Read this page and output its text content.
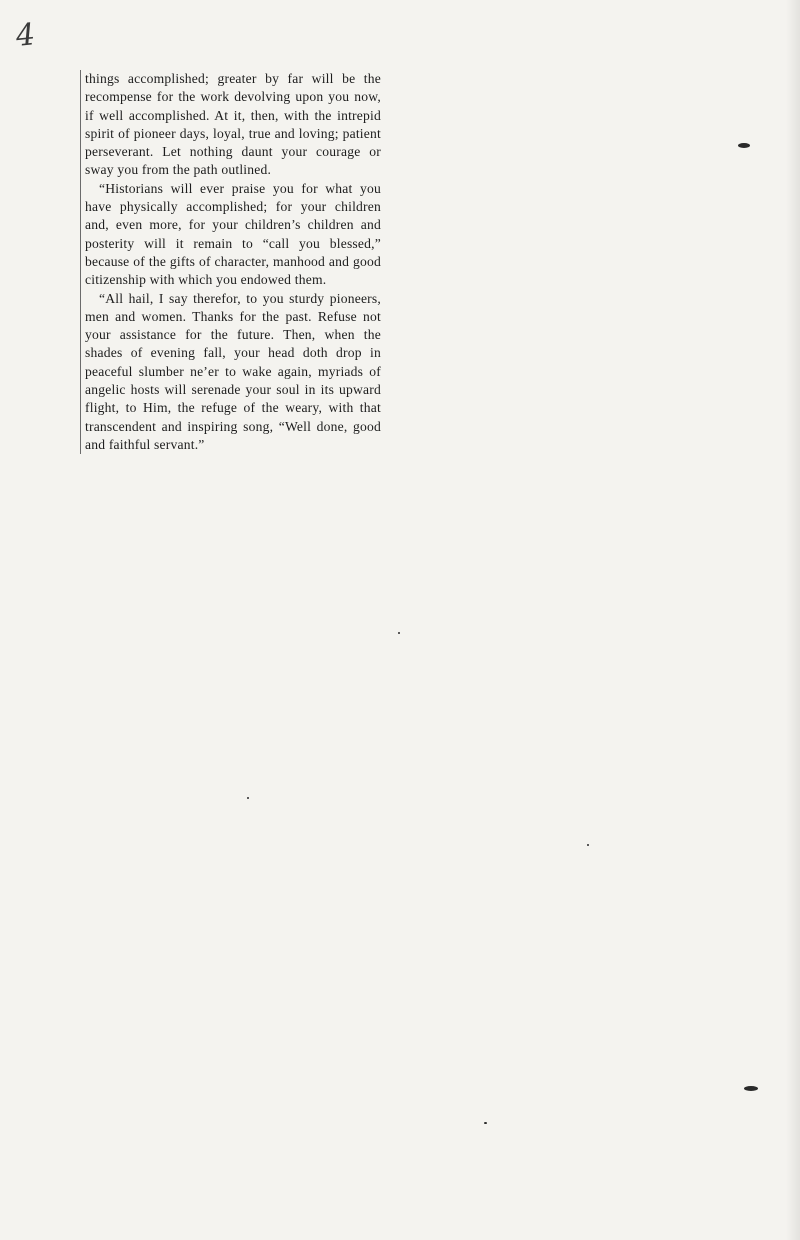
4

things accomplished; greater by far will be the recompense for the work devolving upon you now, if well accomplished. At it, then, with the intrepid spirit of pioneer days, loyal, true and loving; patient perseverant. Let nothing daunt your courage or sway you from the path outlined.

“Historians will ever praise you for what you have physically accomplished; for your children and, even more, for your children’s children and posterity will it remain to “call you blessed,” because of the gifts of character, manhood and good citizenship with which you endowed them.

“All hail, I say therefor, to you sturdy pioneers, men and women. Thanks for the past. Refuse not your assistance for the future. Then, when the shades of evening fall, your head doth drop in peaceful slumber ne’er to wake again, myriads of angelic hosts will serenade your soul in its upward flight, to Him, the refuge of the weary, with that transcendent and inspiring song, “Well done, good and faithful servant.”
